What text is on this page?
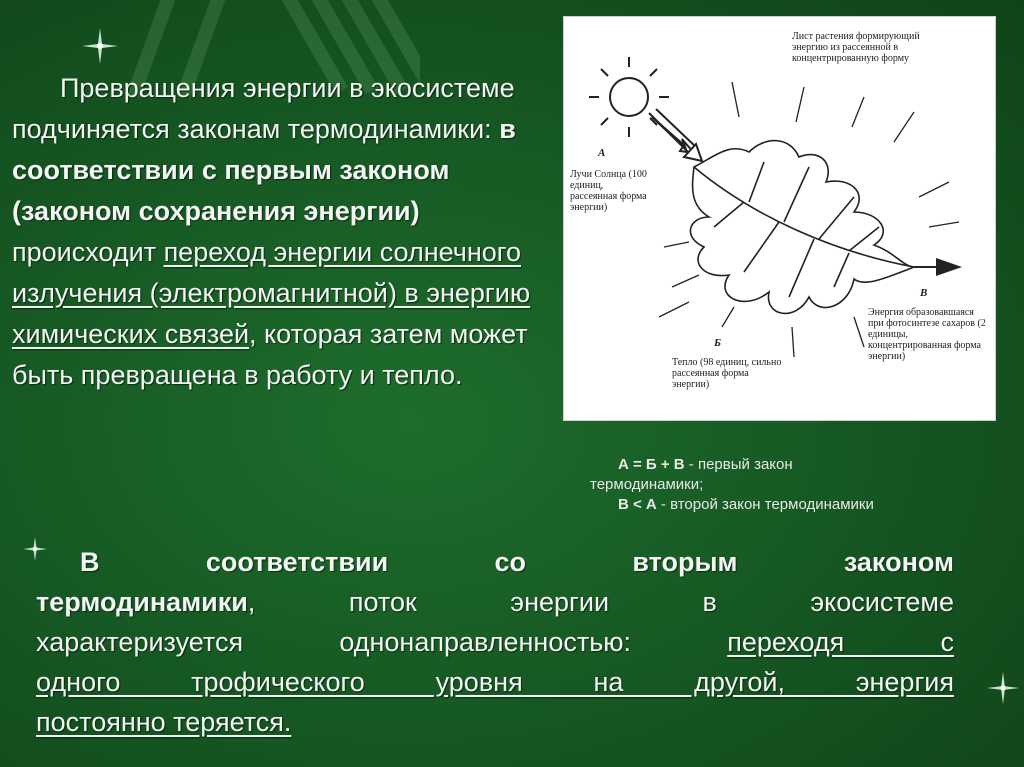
Превращения энергии в экосистеме подчиняется законам термодинамики: в соответствии с первым законом (законом сохранения энергии) происходит переход энергии солнечного излучения (электромагнитной) в энергию химических связей, которая затем может быть превращена в работу и тепло.
А
Лучи Солнца (100 единиц, рассеянная форма энергии)
Лист растения формирующий энергию из рассеянной в концентрированную форму
Б
Тепло (98 единиц, сильно рассеянная форма энергии)
В
Энергия образовавшаяся при фотосинтезе сахаров (2 единицы, концентрированная форма энергии)
А = Б + В - первый закон
термодинамики;
В < А - второй закон термодинамики
В соответствии со вторым законом
термодинамики, поток энергии в экосистеме
характеризуется однонаправленностью: переходя с
одного трофического уровня на другой, энергия
постоянно теряется.
